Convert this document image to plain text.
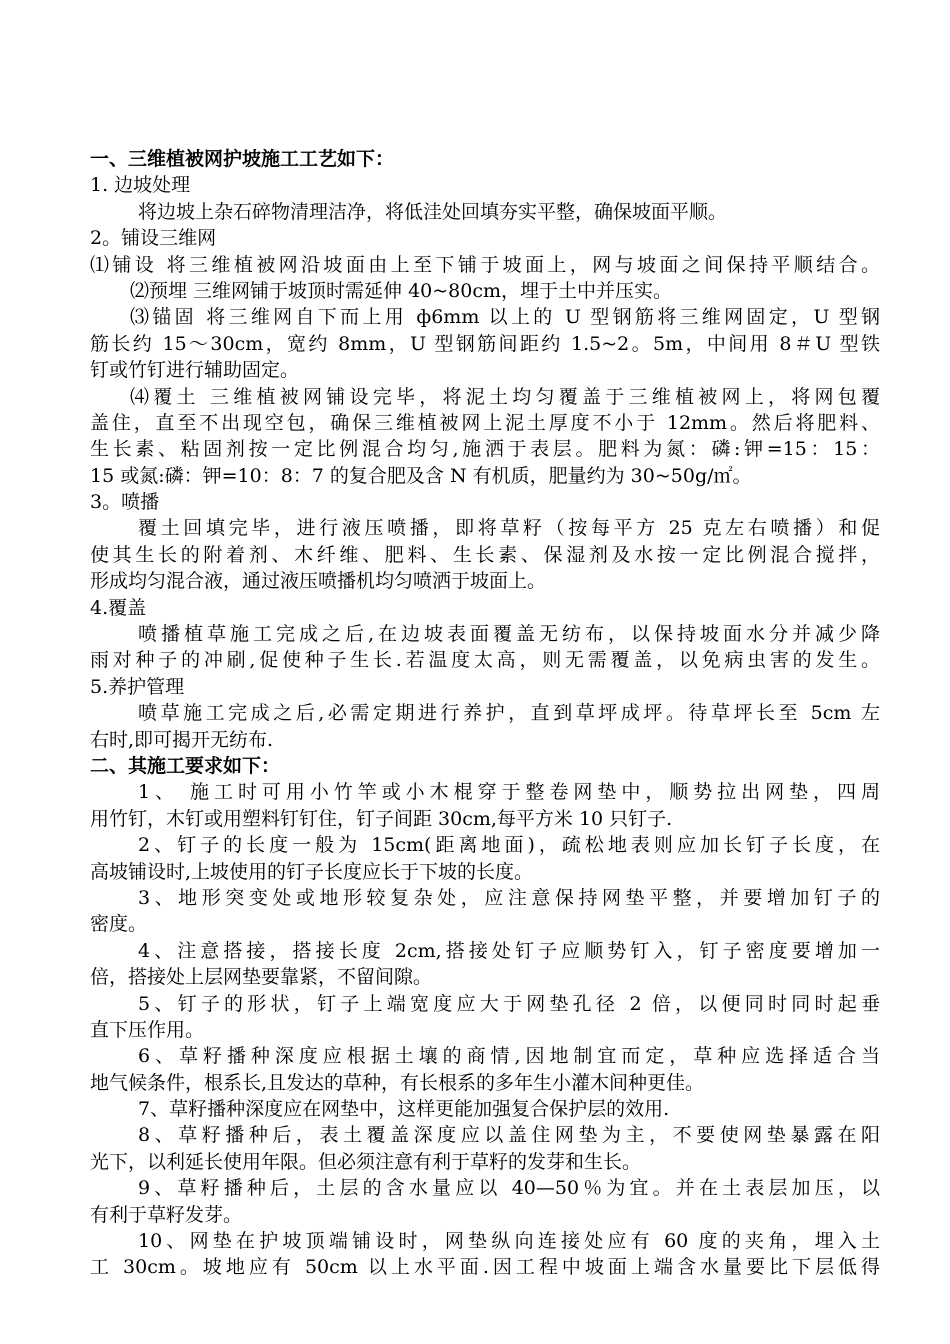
一、三维植被网护坡施工工艺如下：
1. 边坡处理
将边坡上杂石碎物清理洁净，将低洼处回填夯实平整，确保坡面平顺。
2。铺设三维网
⑴铺设 将三维植被网沿坡面由上至下铺于坡面上，网与坡面之间保持平顺结合。
⑵预埋 三维网铺于坡顶时需延伸 40~80cm，埋于土中并压实。
⑶锚固 将三维网自下而上用 ф6mm 以上的 U 型钢筋将三维网固定，U 型钢
筋长约 15～30cm，宽约 8mm，U 型钢筋间距约 1.5~2。5m，中间用 8＃U 型铁
钉或竹钉进行辅助固定。
⑷覆土 三维植被网铺设完毕，将泥土均匀覆盖于三维植被网上，将网包覆
盖住，直至不出现空包，确保三维植被网上泥土厚度不小于 12mm。然后将肥料、
生长素、粘固剂按一定比例混合均匀,施洒于表层。肥料为氮：磷:钾=15：15：
15 或氮:磷：钾=10：8：7 的复合肥及含 N 有机质，肥量约为 30~50g/㎡。
3。喷播
覆土回填完毕，进行液压喷播，即将草籽（按每平方 25 克左右喷播）和促
使其生长的附着剂、木纤维、肥料、生长素、保湿剂及水按一定比例混合搅拌，
形成均匀混合液，通过液压喷播机均匀喷洒于坡面上。
4.覆盖
喷播植草施工完成之后,在边坡表面覆盖无纺布，以保持坡面水分并减少降
雨对种子的冲刷,促使种子生长.若温度太高，则无需覆盖，以免病虫害的发生。
5.养护管理
喷草施工完成之后,必需定期进行养护，直到草坪成坪。待草坪长至 5cm 左
右时,即可揭开无纺布.
二、其施工要求如下：
1、 施工时可用小竹竿或小木棍穿于整卷网垫中，顺势拉出网垫，四周
用竹钉，木钉或用塑料钉钉住，钉子间距 30cm,每平方米 10 只钉子.
2、钉子的长度一般为 15cm(距离地面)，疏松地表则应加长钉子长度，在
高坡铺设时,上坡使用的钉子长度应长于下坡的长度。
3、地形突变处或地形较复杂处，应注意保持网垫平整，并要增加钉子的
密度。
4、注意搭接，搭接长度 2cm,搭接处钉子应顺势钉入，钉子密度要增加一
倍，搭接处上层网垫要靠紧，不留间隙。
5、钉子的形状，钉子上端宽度应大于网垫孔径 2 倍，以便同时同时起垂
直下压作用。
6、草籽播种深度应根据土壤的商情,因地制宜而定，草种应选择适合当
地气候条件，根系长,且发达的草种，有长根系的多年生小灌木间种更佳。
7、草籽播种深度应在网垫中，这样更能加强复合保护层的效用.
8、草籽播种后，表土覆盖深度应以盖住网垫为主，不要使网垫暴露在阳
光下，以利延长使用年限。但必须注意有利于草籽的发芽和生长。
9、草籽播种后，土层的含水量应以 40—50％为宜。并在土表层加压，以
有利于草籽发芽。
10、网垫在护坡顶端铺设时，网垫纵向连接处应有 60 度的夹角，埋入土
工 30cm。坡地应有 50cm 以上水平面.因工程中坡面上端含水量要比下层低得
